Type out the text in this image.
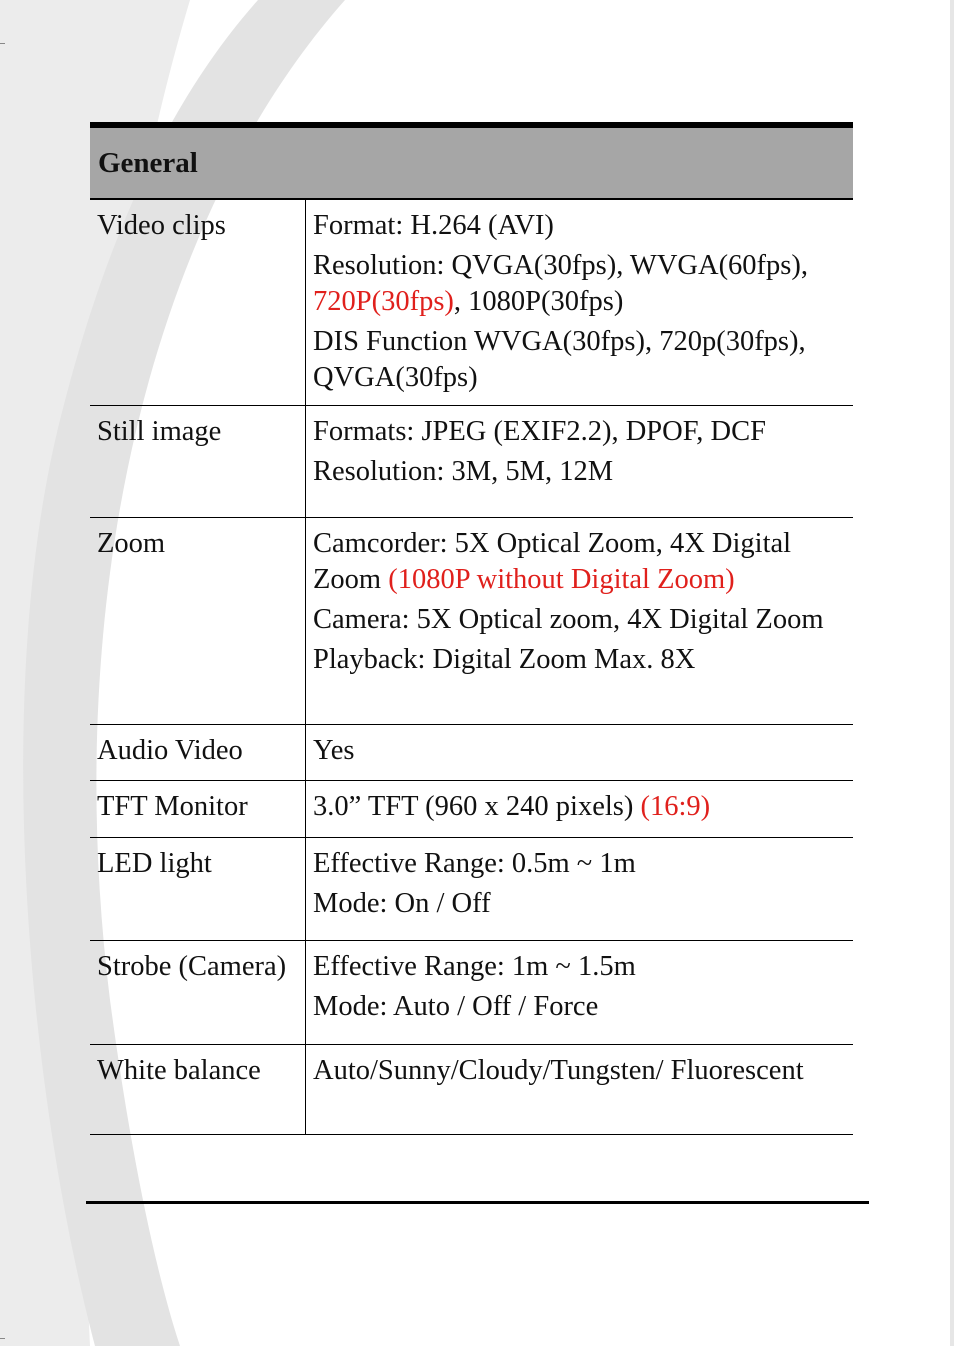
General	
Video clips	Format: H.264 (AVI)
Resolution: QVGA(30fps), WVGA(60fps), 720P(30fps), 1080P(30fps)
DIS Function WVGA(30fps), 720p(30fps), QVGA(30fps)

Still image	Formats: JPEG (EXIF2.2), DPOF, DCF
Resolution: 3M, 5M, 12M

Zoom	Camcorder: 5X Optical Zoom, 4X Digital Zoom (1080P without Digital Zoom)
Camera: 5X Optical zoom, 4X Digital Zoom
Playback: Digital Zoom Max. 8X

Audio Video	Yes

TFT Monitor	3.0” TFT (960 x 240 pixels) (16:9)

LED light	Effective Range: 0.5m ~ 1m
Mode: On / Off

Strobe (Camera)	Effective Range: 1m ~ 1.5m
Mode: Auto / Off / Force

White balance	Auto/Sunny/Cloudy/Tungsten/ Fluorescent
